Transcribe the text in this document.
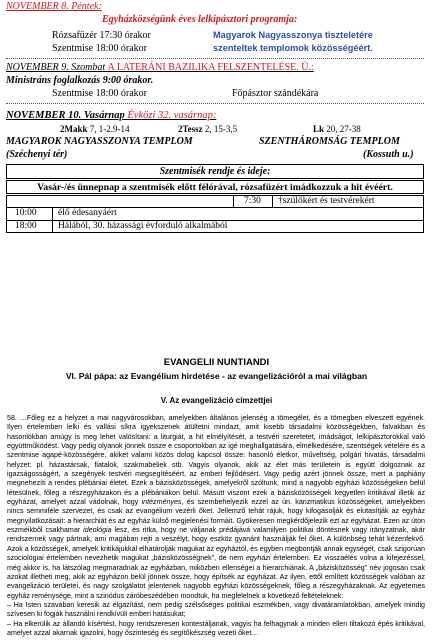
NOVEMBER 8. Péntek:
Egyházközségünk éves lelkipásztori programja:
Rózsafüzér 17:30 órakor
Szentmise 18:00 órakor
Magyarok Nagyasszonya tiszteletére
szenteltek templomok közösségéért.
NOVEMBER 9. Szombat A LATERÁNI BAZILIKA FELSZENTELÉSE. Ü.:
Ministráns foglalkozás 9:00 órakor.
Szentmise 18:00 órakor	Főpásztor szándékára
NOVEMBER 10. Vasárnap Évközi 32. vasárnap:
2Makk 7, 1-2.9-14	2Tessz 2, 15-3,5	Lk 20, 27-38
MAGYAROK NAGYASSZONYA TEMPLOM
(Széchenyi tér)
SZENTHÁROMSÁG TEMPLOM
(Kossuth u.)
Szentmisék rendje és ideje:
Vasár-/és ünnepnap a szentmisék előtt félórával, rózsafüzért imádkozzuk a hit évéért.
7:30 †szülőkért és testvérekért
10:00 élő édesanyáért
18:00 Hálából, 30. házassági évforduló alkalmából
EVANGELII NUNTIANDI
VI. Pál pápa: az Evangélium hirdetése - az evangelizációról a mai világban
V. Az evangelizáció címzettjei
58. …Főleg ez a helyzet a mai nagyvárosokban, amelyekben általános jelenség a tömegélet, és a tömegben elveszett egyének. Ilyen értelemben lelki és vallási síkra igyekszenek átültetni mindazt, amit kisebb társadalmi közösségekben, falvakban és hasonlókban amúgy is meg lehet valósítani: a liturgiát, a hit elmélyítését, a testvéri szeretetet, imádságot, lelkipásztorokkal való együttműködést. Vagy pedig olyanok jönnek össze e csoportokban az igé meghallgatására, elmélkedésére, szentségek vételére és a szentmise agapé-közösségére, akiket valami közös dolog kapcsol össze: hasonló életkor, műveltség, polgári hivatás, társadalmi helyzet: pl. házastársak, fiatalok, szakmabeliek stb. Vagyis olyanok, akik az élet más területein is együtt dolgoznak az igazságosságért, a szegények testvéri megsegítéséért, az emberi fejlődésért. Vagy pedig azért jönnek össze, mert a paphiány megnehezíti a rendes plébániai életet. Ezek a bázisközösségek, amelyekről szóltunk, mind a nagyobb egyházi közösségeken belül létesülnek, főleg a részegyházakon és a plébániákon belül. Másutt viszont ezek a bázisközösségek kegyetlen kritikával illetik az egyházat, amelyet azzal vádolnak, hogy intézményes, és szembehelyezik ezzel az ún. karizmatikus közösségeket, amelyekben nincs semmiféle szervezet, és csak az evangélium vezérli őket. Jellemző tehát rájuk, hogy kifogásolják és elutasítják az egyház megnyilatkozásait: a hierarchiát és az egyház külső megjelenési formáit. Gyökeresen megkérdőjelezik ezt az egyházat. Ezen az úton eszméikből csakhamar ideológia lesz, és ritka, hogy ne váljanak prédájává valamilyen politikai döntésnek vagy irányzatnak, akár rendszernek vagy pártnak, ami magában rejti a veszélyt, hogy eszköz gyanánt használják fel őket. A különbség tehát kézenfekvő. Azok a közösségek, amelyek kritikájukkal elhatárolják magukat az egyháztól, és egyben megbontják annak egységét, csak szigorúan szociológiai értelemben nevezhetik magukat „bázisközösségnek”, de nem egyházi értelemben. Ez visszaélés volna a kifejezéssel, még akkor is, ha látszólag megmaradnak az egyházban, miközben ellenségei a hierarchiának. A „bázisközösség” név jogosan csak azokat illetheti meg, akik az egyházon belül jönnek össze, hogy építsék az egyházat. Az ilyen, ettől említett közösségek valóban az evangelizáció területei, és nagy szolgálatot jelentenek nagyobb egyházi közösségeknek, főleg a részegyházaknak. Az egyetemes egyház reménysége, mint a szinódus záróbeszédében mondtuk, ha megfelelnek a következő feltételeknek:
– Ha Isten szavában keresik az élgazítást, nem pedig szélsőséges politikai eszmékben, vagy divatáramlatokban, amelyek mindig szívesen ki fogják használni rendkívüli emberi hatásukat;
– Ha elkerülik az állandó kísértést, hogy rendszeresen kontestáljanak, vagyis ha felhagynak a minden ellen tiltakozó épés kritikával, amelyet azzal akarnak igazolni, hogy őszinteség és segítőkészség vezeti őket…
